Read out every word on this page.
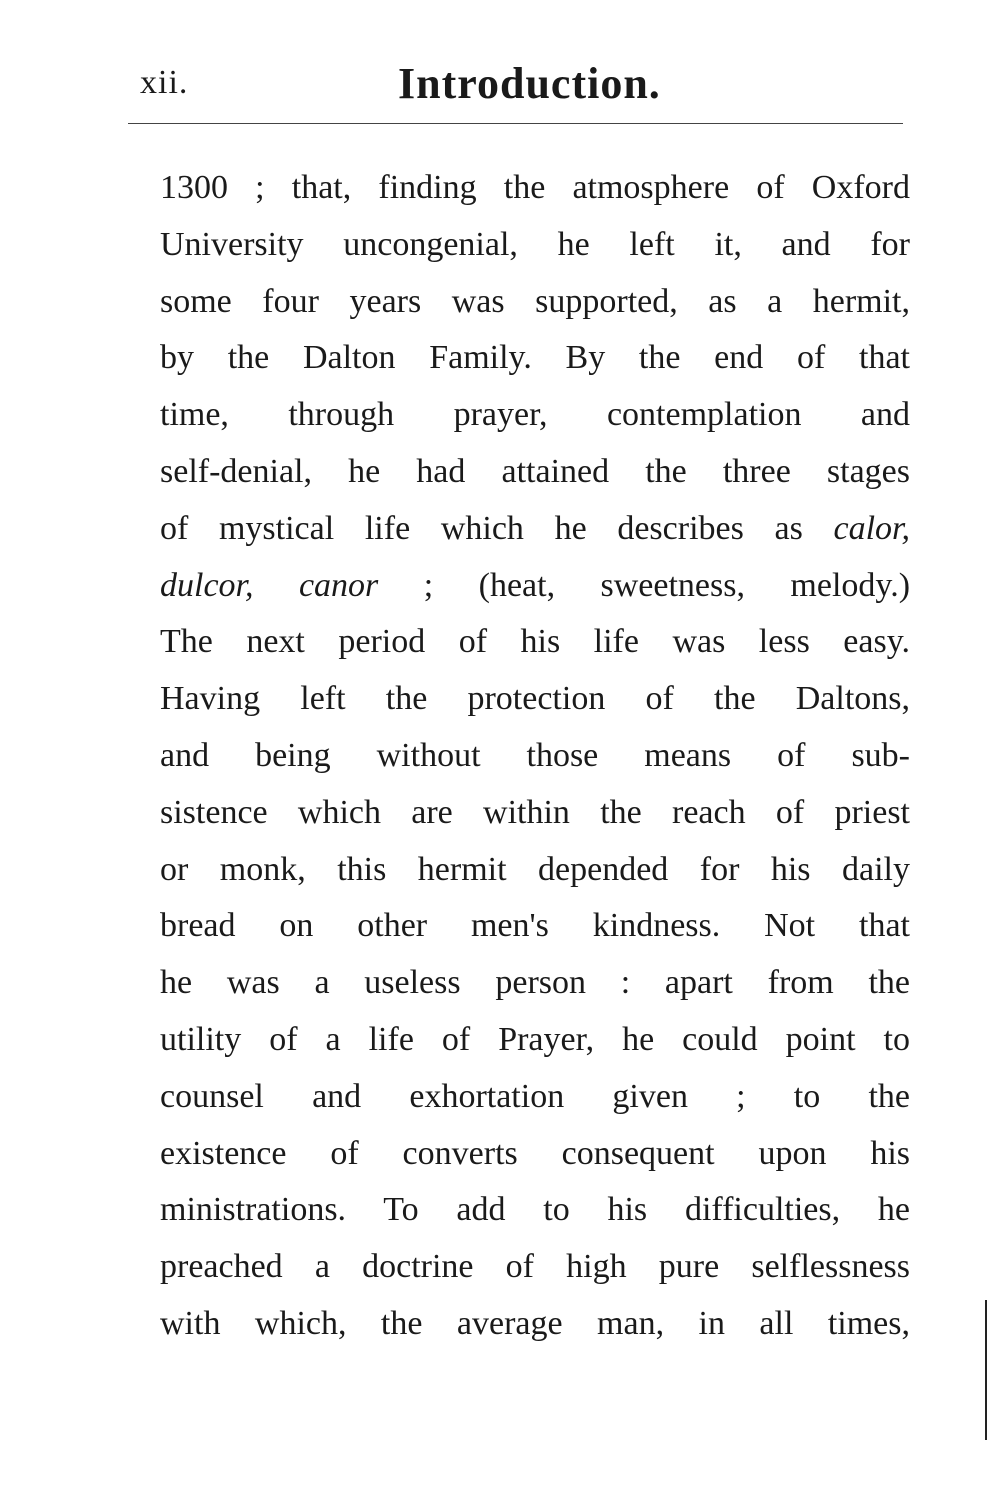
xii.	Introduction.
1300 ; that, finding the atmosphere of Oxford
University uncongenial, he left it, and for
some four years was supported, as a hermit,
by the Dalton Family. By the end of that
time, through prayer, contemplation and
self-denial, he had attained the three stages
of mystical life which he describes as calor,
dulcor, canor ; (heat, sweetness, melody.)
The next period of his life was less easy.
Having left the protection of the Daltons,
and being without those means of sub-
sistence which are within the reach of priest
or monk, this hermit depended for his daily
bread on other men's kindness. Not that
he was a useless person : apart from the
utility of a life of Prayer, he could point to
counsel and exhortation given ; to the
existence of converts consequent upon his
ministrations. To add to his difficulties, he
preached a doctrine of high pure selflessness
with which, the average man, in all times,
